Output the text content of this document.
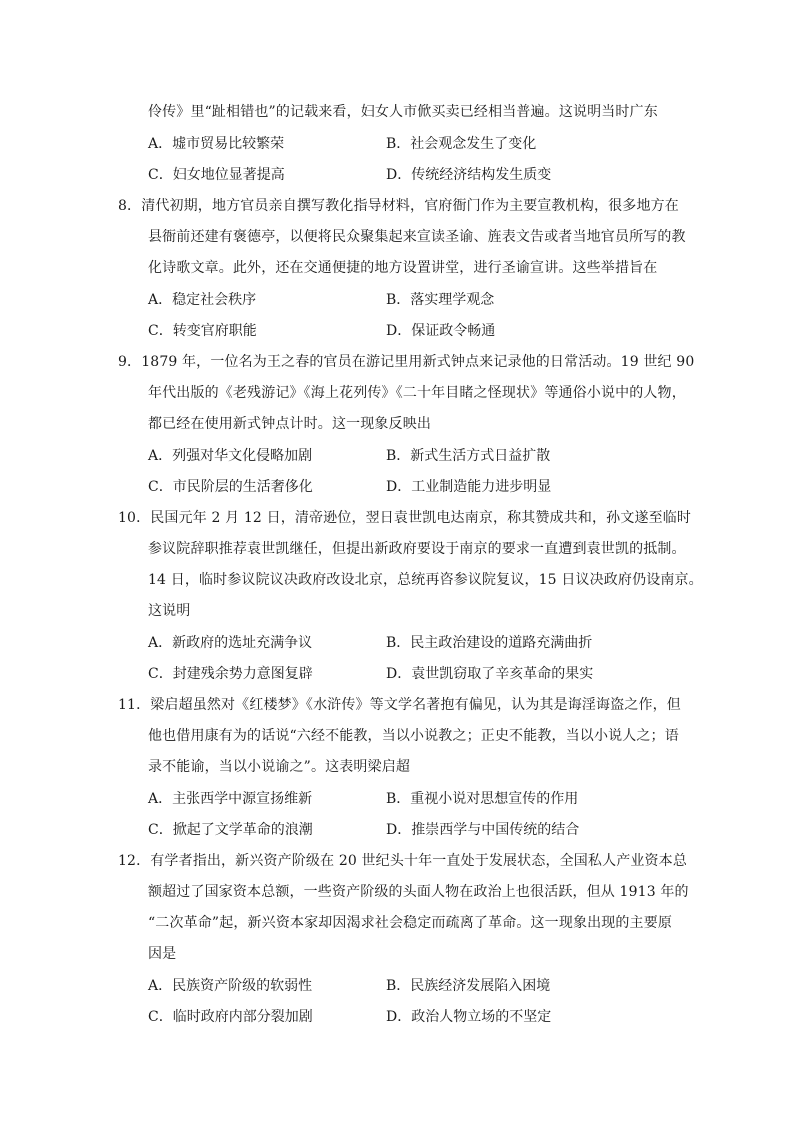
伶传》里“趾相错也”的记载来看，妇女人市俽买卖已经相当普遍。这说明当时广东
A．墟市贸易比较繁荣	B．社会观念发生了变化
C．妇女地位显著提高	D．传统经济结构发生质变
8．清代初期，地方官员亲自撰写教化指导材料，官府衙门作为主要宣教机构，很多地方在
县衙前还建有褒德亭，以便将民众聚集起来宣读圣谕、旌表文告或者当地官员所写的教
化诗歌文章。此外，还在交通便捷的地方设置讲堂，进行圣谕宣讲。这些举措旨在
A．稳定社会秩序	B．落实理学观念
C．转变官府职能	D．保证政令畅通
9．1879 年，一位名为王之春的官员在游记里用新式钟点来记录他的日常活动。19 世纪 90
年代出版的《老残游记》《海上花列传》《二十年目睹之怪现状》等通俗小说中的人物，
都已经在使用新式钟点计时。这一现象反映出
A．列强对华文化侵略加剧	B．新式生活方式日益扩散
C．市民阶层的生活奢侈化	D．工业制造能力进步明显
10．民国元年 2 月 12 日，清帝逊位，翌日袁世凯电达南京，称其赞成共和，孙文遂至临时
参议院辞职推荐袁世凯继任，但提出新政府要设于南京的要求一直遭到袁世凯的抵制。
14 日，临时参议院议决政府改设北京，总统再咨参议院复议，15 日议决政府仍设南京。
这说明
A．新政府的选址充满争议	B．民主政治建设的道路充满曲折
C．封建残余势力意图复辟	D．袁世凯窃取了辛亥革命的果实
11．梁启超虽然对《红楼梦》《水浒传》等文学名著抱有偏见，认为其是诲淫诲盗之作，但
他也借用康有为的话说“六经不能教，当以小说教之；正史不能教，当以小说人之；语
录不能谕，当以小说谕之”。这表明梁启超
A．主张西学中源宣扬维新	B．重视小说对思想宣传的作用
C．掀起了文学革命的浪潮	D．推崇西学与中国传统的结合
12．有学者指出，新兴资产阶级在 20 世纪头十年一直处于发展状态，全国私人产业资本总
额超过了国家资本总额，一些资产阶级的头面人物在政治上也很活跃，但从 1913 年的
“二次革命”起，新兴资本家却因渴求社会稳定而疏离了革命。这一现象出现的主要原
因是
A．民族资产阶级的软弱性	B．民族经济发展陷入困境
C．临时政府内部分裂加剧	D．政治人物立场的不坚定
